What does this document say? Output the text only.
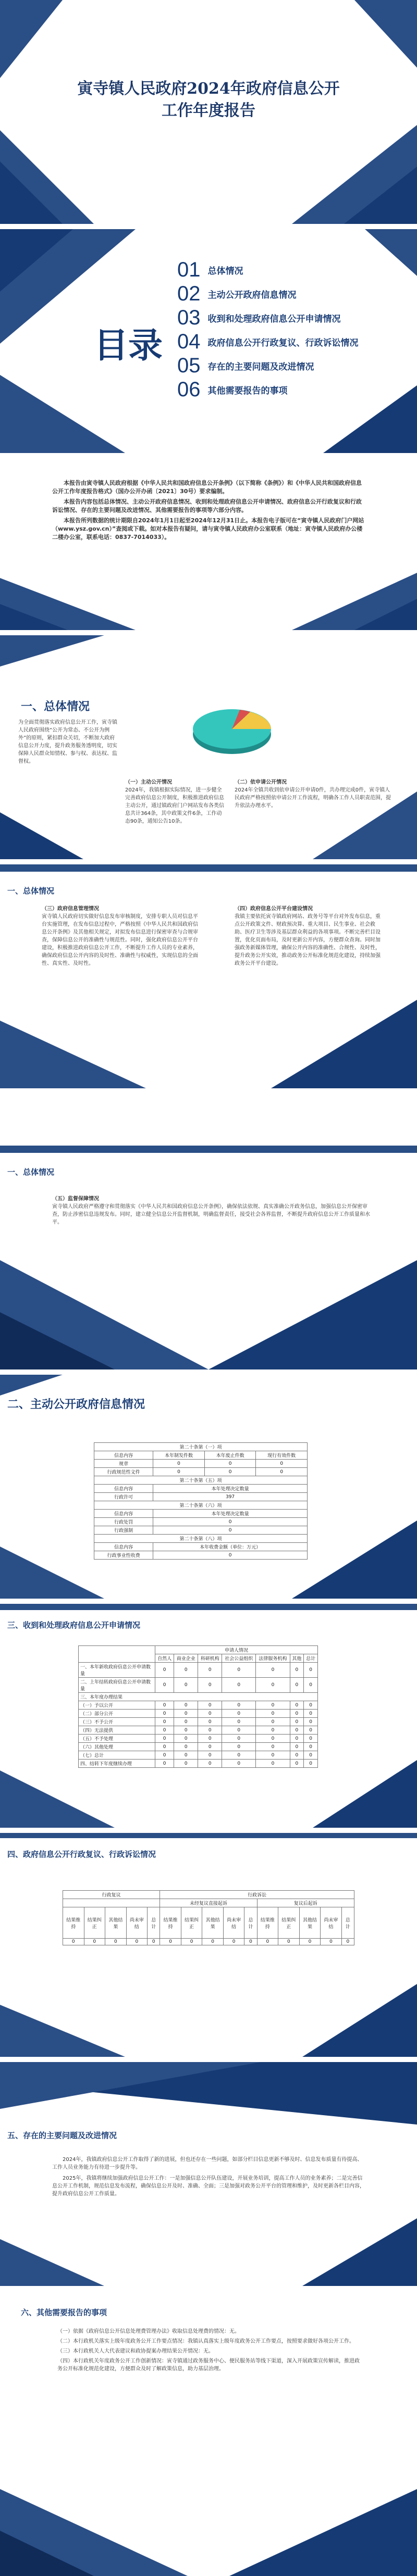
寅寺镇人民政府2024年政府信息公开
工作年度报告
目录
01 总体情况
02 主动公开政府信息情况
03 收到和处理政府信息公开申请情况
04 政府信息公开行政复议、行政诉讼情况
05 存在的主要问题及改进情况
06 其他需要报告的事项

本报告由寅寺镇人民政府根据《中华人民共和国政府信息公开条例》（以下简称《条例》）和《中华人民共和国政府信息公开工作年度报告格式》（国办公开办函〔2021〕30号）要求编制。

本报告内容包括总体情况、主动公开政府信息情况、收到和处理政府信息公开申请情况、政府信息公开行政复议和行政诉讼情况、存在的主要问题及改进情况、其他需要报告的事项等六部分内容。

本报告所列数据的统计期限自2024年1月1日起至2024年12月31日止。本报告电子版可在“寅寺镇人民政府门户网站（www.ysz.gov.cn）”查阅或下载。如对本报告有疑问，请与寅寺镇人民政府办公室联系（地址：寅寺镇人民政府办公楼二楼办公室，联系电话：0837-7014033）。

一、总体情况
为全面贯彻落实政府信息公开工作，寅寺镇人民政府围绕“公开为常态、不公开为例外”的原则，紧扣群众关切，不断加大政府信息公开力度，提升政务服务透明度，切实保障人民群众知情权、参与权、表达权、监督权。
（一）主动公开情况
2024年，我镇根据实际情况，进一步健全完善政府信息公开制度，积极推进政府信息主动公开，通过镇政府门户网站发布各类信息共计364条，其中政策文件6条，工作动态90条，通知公告10条。
（二）依申请公开情况
2024年全镇共收到依申请公开申请0件，共办理完成0件，寅寺镇人民政府严格按照依申请公开工作流程，明确各工作人员职责范围，提升依法办理水平。
一、总体情况
（三）政府信息管理情况
寅寺镇人民政府切实做好信息发布审核制度，安排专职人员对信息平台实施管理，在发布信息过程中，严格按照《中华人民共和国政府信息公开条例》及其他相关规定，对拟发布信息进行保密审查与合规审查，保障信息公开的准确性与规范性。同时，强化政府信息公开平台建设，积极推进政府信息公开工作，不断提升工作人员的专业素养，确保政府信息公开内容的及时性、准确性与权威性，实现信息的全面性、真实性、及时性。
（四）政府信息公开平台建设情况
我镇主要依托寅寺镇政府网站、政务号等平台对外发布信息，重点公开政策文件、财政预决算、重大项目、民生事业、社会救助、医疗卫生等涉及基层群众利益的各项事项。不断完善栏目设置，优化页面布局，及时更新公开内容，方便群众查询。同时加强政务新媒体管理，确保公开内容的准确性、合规性、及时性，提升政务公开实效，推动政务公开标准化规范化建设，持续加强政务公开平台建设。
一、总体情况
（五）监督保障情况
寅寺镇人民政府严格遵守和贯彻落实《中华人民共和国政府信息公开条例》，确保依法依规、真实准确公开政务信息，加强信息公开保密审查，防止涉密信息违规发布。同时，建立健全信息公开监督机制，明确监督责任，接受社会各界监督，不断提升政府信息公开工作质量和水平。
二、主动公开政府信息情况
第二十条第（一）项			
信息内容	本年制发件数	本年废止件数	现行有效件数
规章	0	0	0
行政规范性文件	0	0	0
第二十条第（五）项			
信息内容	本年处理决定数量		
行政许可	397		
第二十条第（六）项			
信息内容	本年处理决定数量		
行政处罚	0		
行政强制	0		
第二十条第（八）项			
信息内容	本年收费金额（单位：万元）		
行政事业性收费	0		
三、收到和处理政府信息公开申请情况
	申请人情况						
	自然人	商业企业	科研机构	社会公益组织	法律服务机构	其他	总计
一、本年新收政府信息公开申请数量	0	0	0	0	0	0	0
二、上年结转政府信息公开申请数量	0	0	0	0	0	0	0
三、本年度办理结果							
（一）予以公开	0	0	0	0	0	0	0
（二）部分公开	0	0	0	0	0	0	0
（三）不予公开	0	0	0	0	0	0	0
（四）无法提供	0	0	0	0	0	0	0
（五）不予处理	0	0	0	0	0	0	0
（六）其他处理	0	0	0	0	0	0	0
（七）总计	0	0	0	0	0	0	0
四、结转下年度继续办理	0	0	0	0	0	0	0
四、政府信息公开行政复议、行政诉讼情况
行政复议					行政诉讼									
					未经复议直接起诉					复议后起诉				
结果维持	结果纠正	其他结果	尚未审结	总计	结果维持	结果纠正	其他结果	尚未审结	总计	结果维持	结果纠正	其他结果	尚未审结	总计
0	0	0	0	0	0	0	0	0	0	0	0	0	0	0
五、存在的主要问题及改进情况

2024年，我镇政府信息公开工作取得了新的进展，但也还存在一些问题，如部分栏目信息更新不够及时、信息发布质量有待提高、工作人员业务能力有待进一步提升等。

2025年，我镇将继续加强政府信息公开工作：一是加强信息公开队伍建设，开展业务培训，提高工作人员的业务素养；二是完善信息公开工作机制，规范信息发布流程，确保信息公开及时、准确、全面；三是加强对政务公开平台的管理和维护，及时更新各栏目内容，提升政府信息公开工作质量。

六、其他需要报告的事项

（一）依据《政府信息公开信息处理费管理办法》收取信息处理费的情况：无。

（二）本行政机关落实上级年度政务公开工作要点情况：我镇认真落实上级年度政务公开工作要点，按照要求做好各项公开工作。

（三）本行政机关人大代表建议和政协提案办理结果公开情况：无。

（四）本行政机关年度政务公开工作创新情况：寅寺镇通过政务服务中心、便民服务站等线下渠道，深入开展政策宣传解读，推进政务公开标准化规范化建设，方便群众及时了解政策信息，助力基层治理。
